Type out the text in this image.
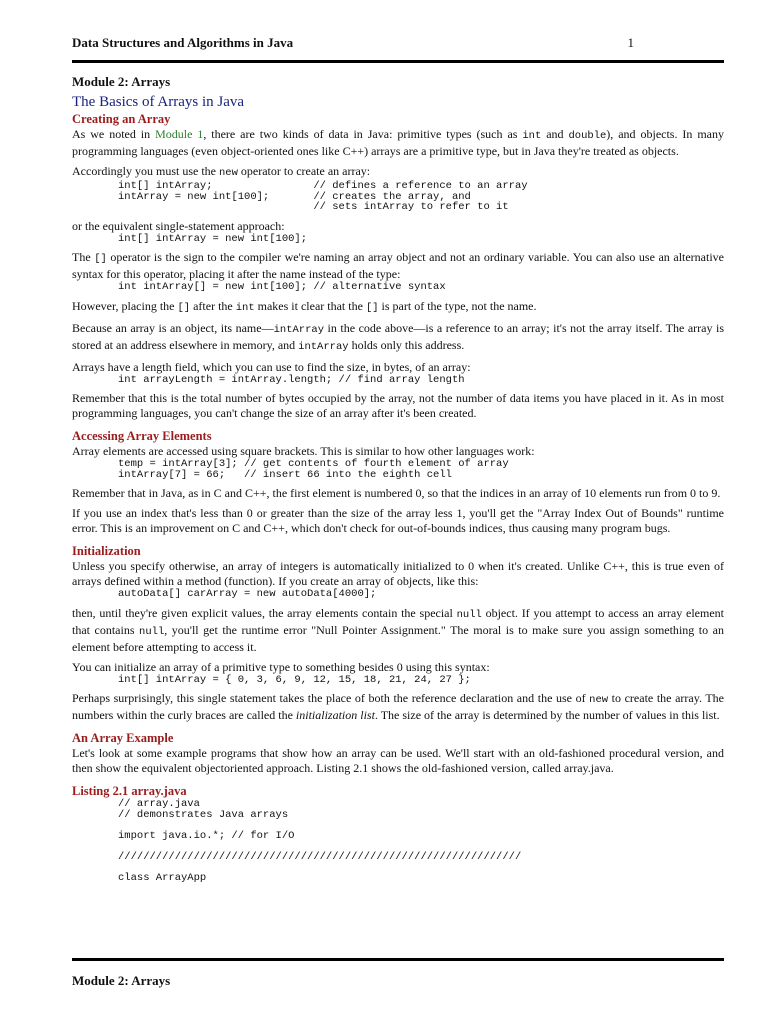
Data Structures and Algorithms in Java	1
Module 2: Arrays
The Basics of Arrays in Java
Creating an Array

As we noted in Module 1, there are two kinds of data in Java: primitive types (such as int and double), and objects. In many programming languages (even object-oriented ones like C++) arrays are a primitive type, but in Java they're treated as objects.

Accordingly you must use the new operator to create an array:

int[] intArray;                // defines a reference to an array
intArray = new int[100];       // creates the array, and
// sets intArray to refer to it

or the equivalent single-statement approach:

int[] intArray = new int[100];

The [] operator is the sign to the compiler we're naming an array object and not an ordinary variable. You can also use an alternative syntax for this operator, placing it after the name instead of the type:

int intArray[] = new int[100]; // alternative syntax

However, placing the [] after the int makes it clear that the [] is part of the type, not the name.

Because an array is an object, its name—intArray in the code above—is a reference to an array; it's not the array itself. The array is stored at an address elsewhere in memory, and intArray holds only this address.

Arrays have a length field, which you can use to find the size, in bytes, of an array:

int arrayLength = intArray.length; // find array length

Remember that this is the total number of bytes occupied by the array, not the number of data items you have placed in it. As in most programming languages, you can't change the size of an array after it's been created.

Accessing Array Elements

Array elements are accessed using square brackets. This is similar to how other languages work:

temp = intArray[3]; // get contents of fourth element of array
intArray[7] = 66;   // insert 66 into the eighth cell

Remember that in Java, as in C and C++, the first element is numbered 0, so that the indices in an array of 10 elements run from 0 to 9.

If you use an index that's less than 0 or greater than the size of the array less 1, you'll get the "Array Index Out of Bounds" runtime error. This is an improvement on C and C++, which don't check for out-of-bounds indices, thus causing many program bugs.

Initialization

Unless you specify otherwise, an array of integers is automatically initialized to 0 when it's created. Unlike C++, this is true even of arrays defined within a method (function). If you create an array of objects, like this:

autoData[] carArray = new autoData[4000];

then, until they're given explicit values, the array elements contain the special null object. If you attempt to access an array element that contains null, you'll get the runtime error "Null Pointer Assignment." The moral is to make sure you assign something to an element before attempting to access it.

You can initialize an array of a primitive type to something besides 0 using this syntax:

int[] intArray = { 0, 3, 6, 9, 12, 15, 18, 21, 24, 27 };

Perhaps surprisingly, this single statement takes the place of both the reference declaration and the use of new to create the array. The numbers within the curly braces are called the initialization list. The size of the array is determined by the number of values in this list.

An Array Example

Let's look at some example programs that show how an array can be used. We'll start with an old-fashioned procedural version, and then show the equivalent objectoriented approach. Listing 2.1 shows the old-fashioned version, called array.java.

Listing 2.1 array.java
// array.java
// demonstrates Java arrays

import java.io.*; // for I/O

////////////////////////////////////////////////////////////////

class ArrayApp
Module 2: Arrays
